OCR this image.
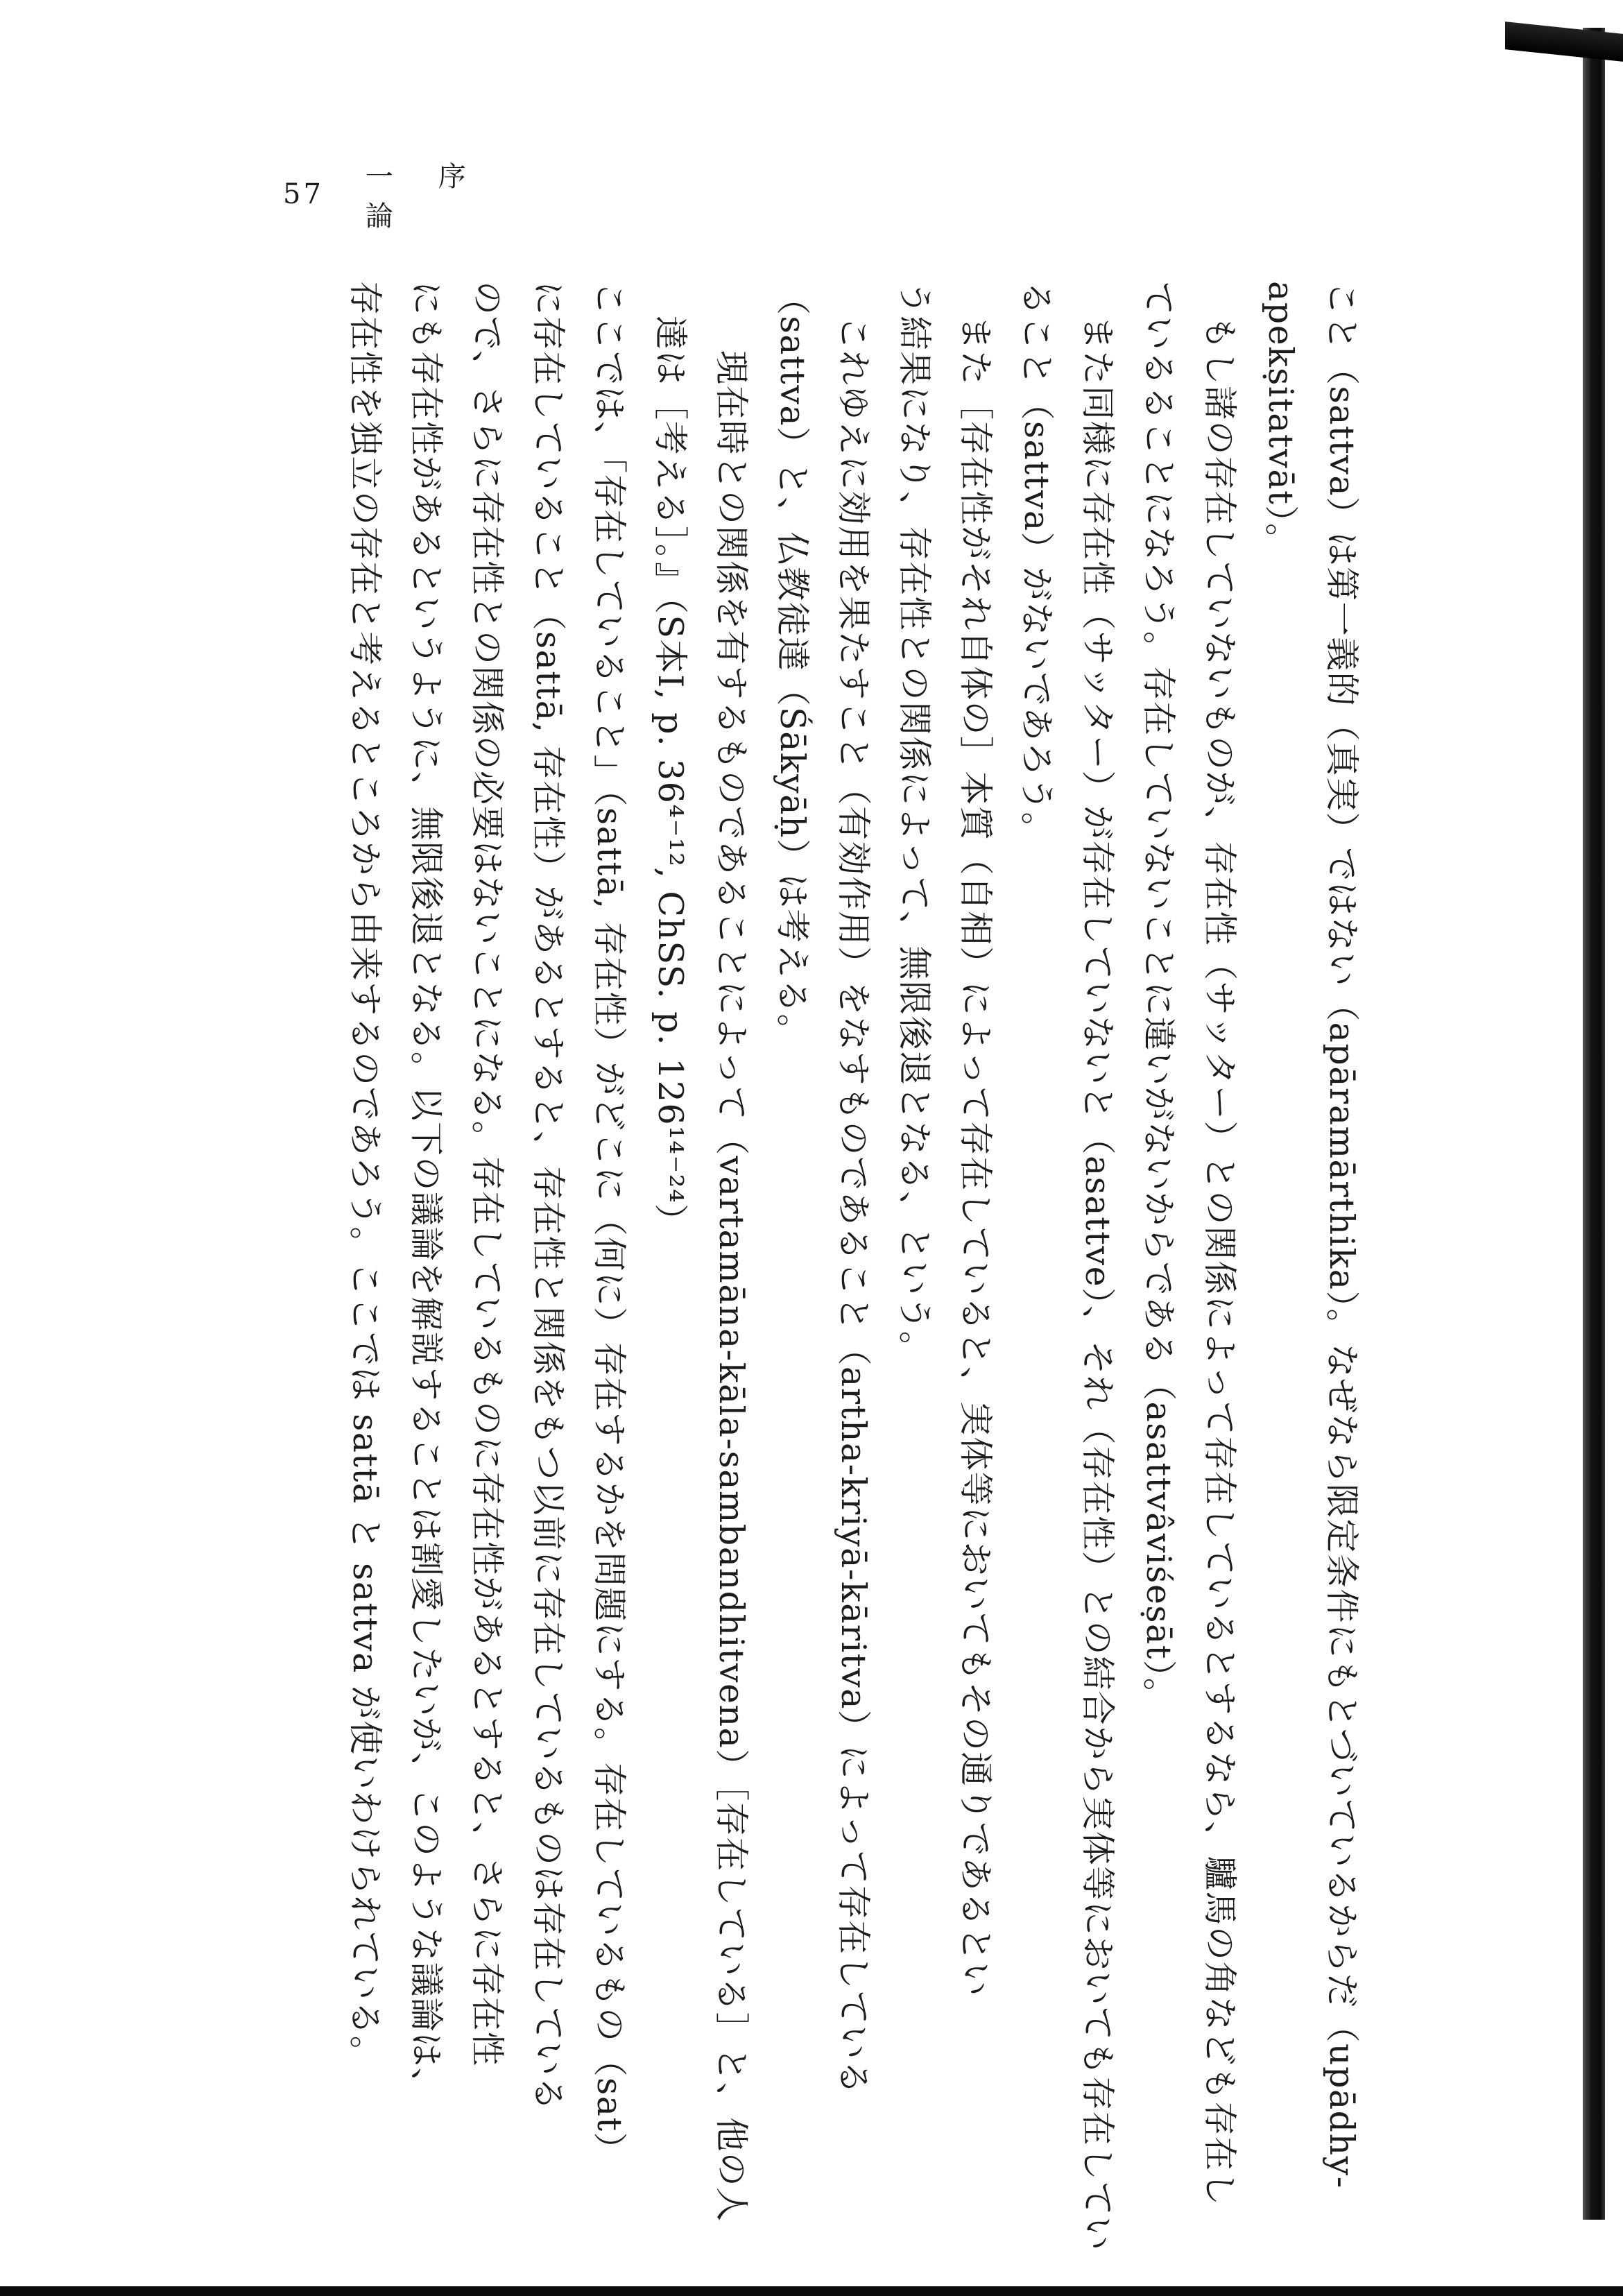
57
一 序 論
こと（sattva）は第一義的（真実）ではない（apāramārthika）。なぜなら限定条件にもとづいているからだ（upādhy-
apekṣitatvāt）。
もし諸の存在していないものが、存在性（サッター）との関係によって存在しているとするなら、驢馬の角なども存在し
ているることになろう。存在していないことに違いがないからである（asattvâviśeṣāt）。
また同様に存在性（サッター）が存在していないと（asattve）、それ（存在性）との結合から実体等においても存在してい
ること（sattva）がないであろう。
また［存在性がそれ自体の］本質（自相）によって存在していると、実体等においてもその通りであるとい
う結果になり、存在性との関係によって、無限後退となる、という。
これゆえに効用を果たすこと（有効作用）をなすものであること（artha-kriyā-kāritva）によって存在している
（sattva）と、仏教徒達（Śākyāḥ）は考える。
現在時との関係を有するものであることによって（vartamāna-kāla-sambandhitvena）［存在している］と、他の人
達は［考える］。』（S本I, p. 36⁴⁻¹², ChSS. p. 126¹⁴⁻²⁴）
ここでは、「存在していること」（sattā, 存在性）がどこに（何に）存在するかを問題にする。存在しているもの（sat）
に存在していること（sattā, 存在性）があるとすると、存在性と関係をもつ以前に存在しているものは存在している
ので、さらに存在性との関係の必要はないことになる。存在しているものに存在性があるとすると、さらに存在性
にも存在性があるというように、無限後退となる。以下の議論を解説することは割愛したいが、このような議論は、
存在性を独立の存在と考えるところから由来するのであろう。ここでは sattā と sattva が使いわけられている。
